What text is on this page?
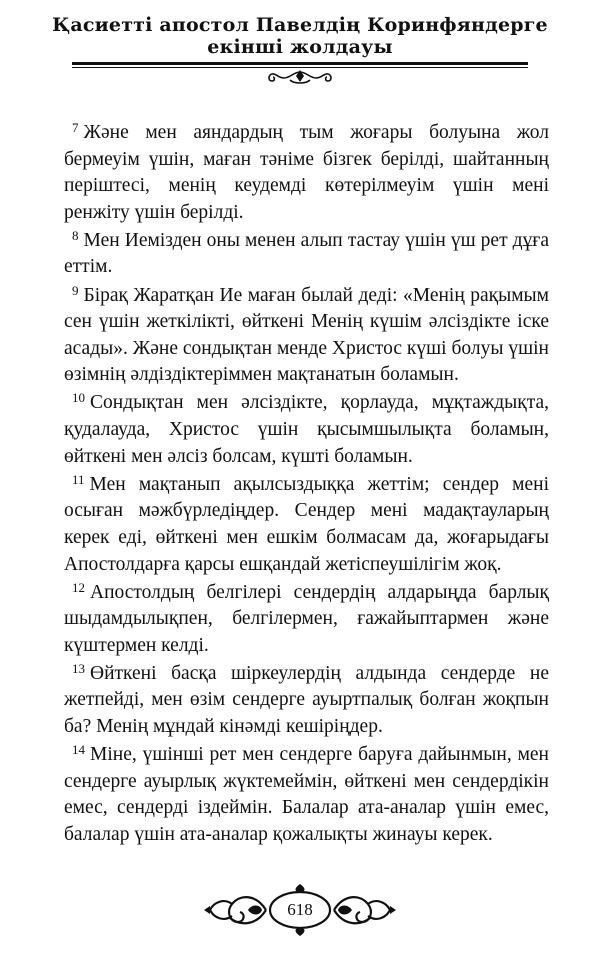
Қасиетті апостол Павелдің Коринфяндерге
екінші жолдауы

$^7$ Және мен аяндардың тым жоғары болуына жол бермеуім үшін, маған тәніме бізгек берілді, шайтанның періштесі, менің кеудемді көтерілмеуім үшін мені ренжіту үшін берілді.

$^8$ Мен Иемізден оны менен алып тастау үшін үш рет дұға еттім.

$^9$ Бірақ Жаратқан Ие маған былай деді: «Менің рақымым сен үшін жеткілікті, өйткені Менің күшім әлсіздікте іске асады». Және сондықтан менде Христос күші болуы үшін өзімнің әлдіздіктеріммен мақтанатын боламын.

$^{10}$ Сондықтан мен әлсіздікте, қорлауда, мұқтаждықта, қудалауда, Христос үшін қысымшылықта боламын, өйткені мен әлсіз болсам, күшті боламын.

$^{11}$ Мен мақтанып ақылсыздыққа жеттім; сендер мені осыған мәжбүрледіңдер. Сендер мені мадақтауларың керек еді, өйткені мен ешкім болмасам да, жоғарыдағы Апостолдарға қарсы ешқандай жетіспеушілігім жоқ.

$^{12}$ Апостолдың белгілері сендердің алдарыңда барлық шыдамдылықпен, белгілермен, ғажайыптармен және күштермен келді.

$^{13}$ Өйткені басқа шіркеулердің алдында сендерде не жетпейді, мен өзім сендерге ауыртпалық болған жоқпын ба? Менің мұндай кінәмді кешіріңдер.

$^{14}$ Міне, үшінші рет мен сендерге баруға дайынмын, мен сендерге ауырлық жүктемеймін, өйткені мен сендердікін емес, сендерді іздеймін. Балалар ата-аналар үшін емес, балалар үшін ата-аналар қожалықты жинауы керек.

618
